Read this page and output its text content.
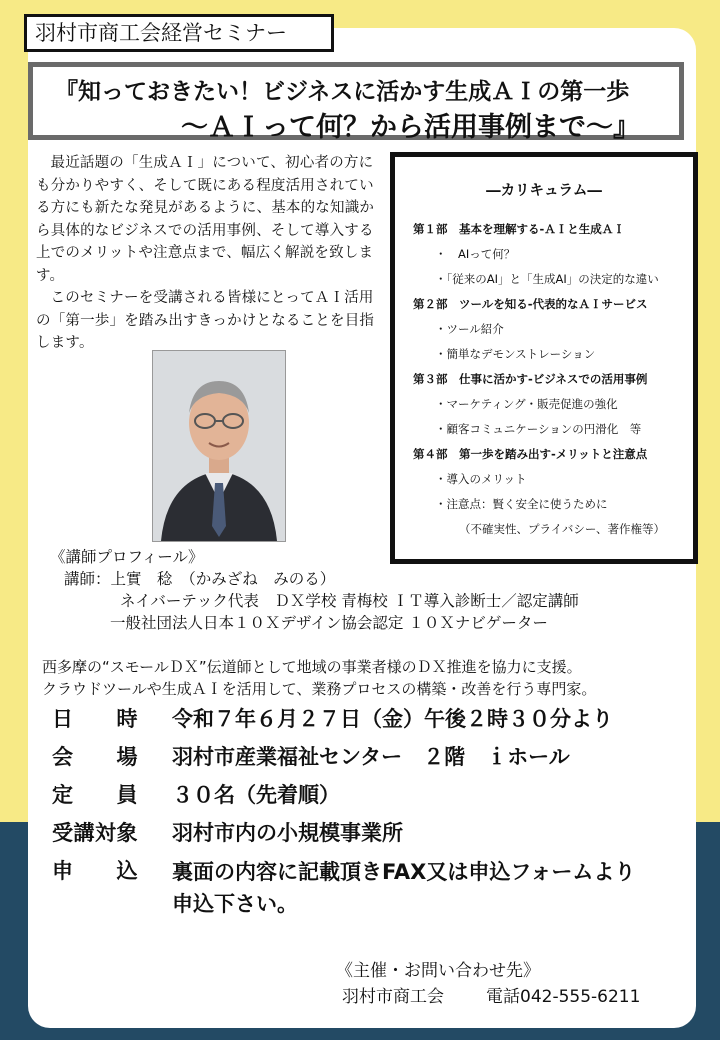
羽村市商工会経営セミナー
『知っておきたい！ビジネスに活かす生成ＡＩの第一歩
〜ＡＩって何？から活用事例まで〜』

最近話題の「生成ＡＩ」について、初心者の方にも分かりやすく、そして既にある程度活用されている方にも新たな発見があるように、基本的な知識から具体的なビジネスでの活用事例、そして導入する上でのメリットや注意点まで、幅広く解説を致します。

このセミナーを受講される皆様にとってＡＩ活用の「第一歩」を踏み出すきっかけとなることを目指します。

―カリキュラム―
第１部　基本を理解する-ＡＩと生成ＡＩ
・　AIって何？
・「従来のAI」と「生成AI」の決定的な違い
第２部　ツールを知る-代表的なＡＩサービス
・ツール紹介
・簡単なデモンストレーション
第３部　仕事に活かす-ビジネスでの活用事例
・マーケティング・販売促進の強化
・顧客コミュニケーションの円滑化　等
第４部　第一歩を踏み出す-メリットと注意点
・導入のメリット
・注意点：賢く安全に使うために
（不確実性、プライバシー、著作権等）
《講師プロフィール》
講師：上實　稔　（かみざね　みのる）
ネイバーテック代表　ＤＸ学校 青梅校 ＩＴ導入診断士／認定講師
一般社団法人日本１０Ｘデザイン協会認定 １０Ｘナビゲーター
西多摩の“スモールＤＸ”伝道師として地域の事業者様のＤＸ推進を協力に支援。
クラウドツールや生成ＡＩを活用して、業務プロセスの構築・改善を行う専門家。
日　　時	令和７年６月２７日（金）午後２時３０分より
会　　場	羽村市産業福祉センター　２階　ｉホール
定　　員	３０名（先着順）
受講対象	羽村市内の小規模事業所
申　　込	裏面の内容に記載頂きFAX又は申込フォームより
申込下さい。
《主催・お問い合わせ先》
羽村市商工会 電話042-555-6211
